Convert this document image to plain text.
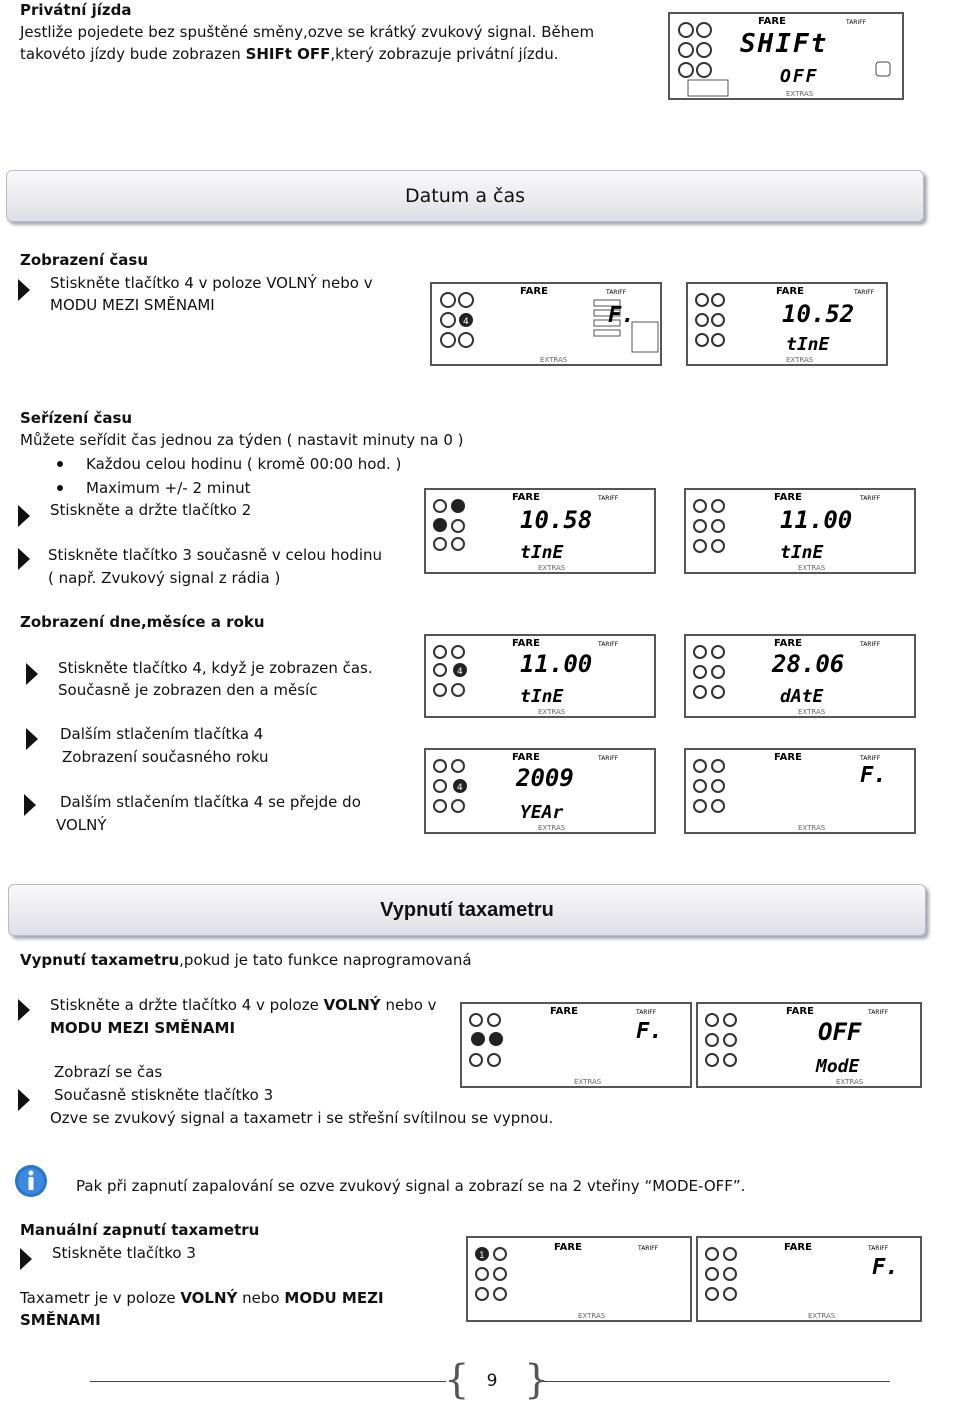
Privátní jízda
Jestliže pojedete bez spuštěné směny,ozve se krátký zvukový signal. Během
takovéto jízdy bude zobrazen SHIFt OFF,který zobrazuje privátní jízdu.
FARE	TARIFF
SHIFt
OFF
EXTRAS
Datum a čas
Zobrazení času
Stiskněte tlačítko 4 v poloze VOLNÝ nebo v
MODU MEZI SMĚNAMI
4
FARE	TARIFF
F.
EXTRAS
FARE	TARIFF
10.52
tInE
EXTRAS
Seřízení času
Můžete seřídit čas jednou za týden ( nastavit minuty na 0 )
Každou celou hodinu ( kromě 00:00 hod. )
Maximum +/- 2 minut
Stiskněte a držte tlačítko 2
Stiskněte tlačítko 3 současně v celou hodinu
( např. Zvukový signal z rádia )
FARE	TARIFF
10.58
tInE
EXTRAS
FARE	TARIFF
11.00
tInE
EXTRAS
Zobrazení dne,měsíce a roku
Stiskněte tlačítko 4, když je zobrazen čas.
Současně je zobrazen den a měsíc
Dalším stlačením tlačítka 4
Zobrazení současného roku
Dalším stlačením tlačítka 4 se přejde do
VOLNÝ
4
FARE	TARIFF
11.00
tInE
EXTRAS
FARE	TARIFF
28.06
dAtE
EXTRAS
4
FARE	TARIFF
2009
YEAr
EXTRAS
FARE	TARIFF
F.
EXTRAS
Vypnutí taxametru
Vypnutí taxametru,pokud je tato funkce naprogramovaná
Stiskněte a držte tlačítko 4 v poloze VOLNÝ nebo v
MODU MEZI SMĚNAMI
Zobrazí se čas
Současně stiskněte tlačítko 3
Ozve se zvukový signal a taxametr i se střešní svítilnou se vypnou.
FARE	TARIFF
F.
EXTRAS
FARE	TARIFF
OFF
ModE
EXTRAS
Pak při zapnutí zapalování se ozve zvukový signal a zobrazí se na 2 vteřiny “MODE-OFF”.
Manuální zapnutí taxametru
Stiskněte tlačítko 3
Taxametr je v poloze VOLNÝ nebo MODU MEZI
SMĚNAMI
1
FARE	TARIFF
EXTRAS
FARE	TARIFF
F.
EXTRAS
{ }
9
